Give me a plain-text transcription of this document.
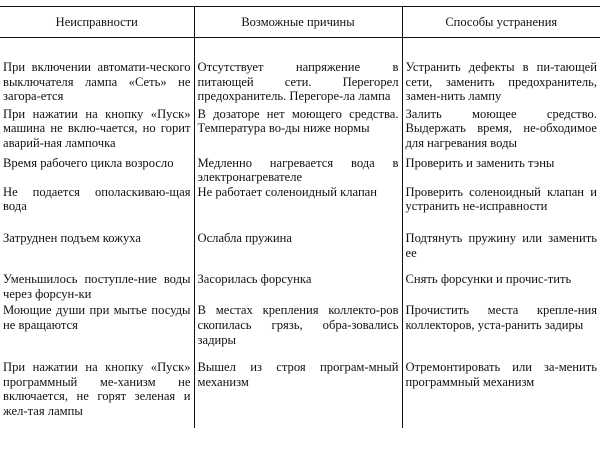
Неисправности	Возможные причины	Способы устранения
При включении автомати-ческого выключателя лампа «Сеть» не загора-ется	Отсутствует напряжение в питающей сети. Перегорел предохранитель. Перегоре-ла лампа	Устранить дефекты в пи-тающей сети, заменить предохранитель, замен-нить лампу
При нажатии на кнопку «Пуск» машина не вклю-чается, но горит аварий-ная лампочка	В дозаторе нет моющего средства. Температура во-ды ниже нормы	Залить моющее средство. Выдержать время, не-обходимое для нагревания воды
Время рабочего цикла возросло	Медленно нагревается вода в электронагревателе	Проверить и заменить тэны
Не подается ополаскиваю-щая вода	Не работает соленоидный клапан	Проверить соленоидный клапан и устранить не-исправности
Затруднен подъем кожуха	Ослабла пружина	Подтянуть пружину или заменить ее
Уменьшилось поступле-ние воды через форсун-ки	Засорилась форсунка	Снять форсунки и прочис-тить
Моющие души при мытье посуды не вращаются	В местах крепления коллекто-ров скопилась грязь, обра-зовались задиры	Прочистить места крепле-ния коллекторов, уста-ранить задиры
При нажатии на кнопку «Пуск» программный ме-ханизм не включается, не горят зеленая и жел-тая лампы	Вышел из строя програм-мный механизм	Отремонтировать или за-менить программный механизм
